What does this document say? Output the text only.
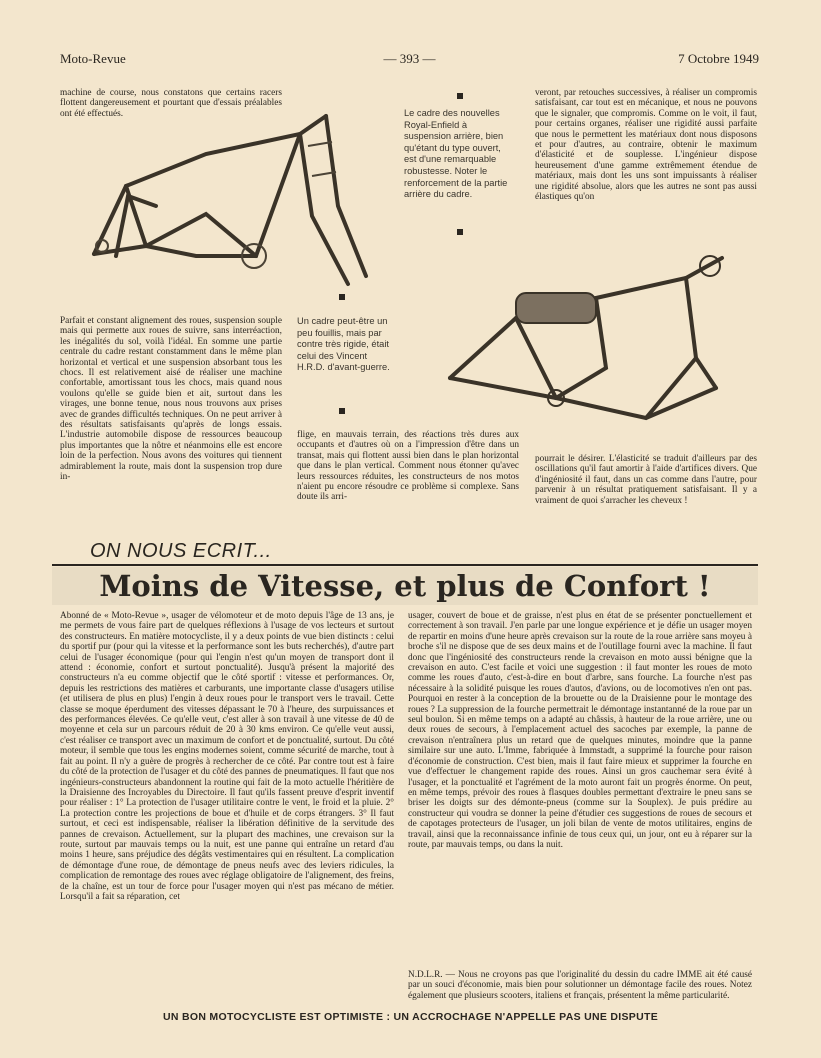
Moto-Revue	— 393 —	7 Octobre 1949
machine de course, nous constatons que certains racers flottent dangereusement et pourtant que d'essais préalables ont été effectués.	Le cadre des nouvelles Royal-Enfield à suspension arrière, bien qu'étant du type ouvert, est d'une remarquable robustesse. Noter le renforcement de la partie arrière du cadre.
veront, par retouches successives, à réaliser un compromis satisfaisant, car tout est en mécanique, et nous ne pouvons que le signaler, que compromis. Comme on le voit, il faut, pour certains organes, réaliser une rigidité aussi parfaite que nous le permettent les matériaux dont nous disposons et pour d'autres, au contraire, obtenir le maximum d'élasticité et de souplesse. L'ingénieur dispose heureusement d'une gamme extrêmement étendue de matériaux, mais dont les uns sont impuissants à réaliser une rigidité absolue, alors que les autres ne sont pas aussi élastiques qu'on
Parfait et constant alignement des roues, suspension souple mais qui permette aux roues de suivre, sans interréaction, les inégalités du sol, voilà l'idéal. En somme une partie centrale du cadre restant constamment dans le même plan horizontal et vertical et une suspension absorbant tous les chocs. Il est relativement aisé de réaliser une machine confortable, amortissant tous les chocs, mais quand nous voulons qu'elle se guide bien et ait, surtout dans les virages, une bonne tenue, nous nous trouvons aux prises avec de grandes difficultés techniques. On ne peut arriver à des résultats satisfaisants qu'après de longs essais. L'industrie automobile dispose de ressources beaucoup plus importantes que la nôtre et néanmoins elle est encore loin de la perfection. Nous avons des voitures qui tiennent admirablement la route, mais dont la suspension trop dure in-
Un cadre peut-être un peu fouillis, mais par contre très rigide, était celui des Vincent H.R.D. d'avant-guerre.
flige, en mauvais terrain, des réactions très dures aux occupants et d'autres où on a l'impression d'être dans un transat, mais qui flottent aussi bien dans le plan horizontal que dans le plan vertical. Comment nous étonner qu'avec leurs ressources réduites, les constructeurs de nos motos n'aient pu encore résoudre ce problème si complexe. Sans doute ils arri-
pourrait le désirer. L'élasticité se traduit d'ailleurs par des oscillations qu'il faut amortir à l'aide d'artifices divers. Que d'ingéniosité il faut, dans un cas comme dans l'autre, pour parvenir à un résultat pratiquement satisfaisant. Il y a vraiment de quoi s'arracher les cheveux !
ON NOUS ECRIT...
Moins de Vitesse, et plus de Confort !
Abonné de « Moto-Revue », usager de vélomoteur et de moto depuis l'âge de 13 ans, je me permets de vous faire part de quelques réflexions à l'usage de vos lecteurs et surtout des constructeurs. En matière motocycliste, il y a deux points de vue bien distincts : celui du sportif pur (pour qui la vitesse et la performance sont les buts recherchés), d'autre part celui de l'usager économique (pour qui l'engin n'est qu'un moyen de transport dont il attend : économie, confort et surtout ponctualité). Jusqu'à présent la majorité des constructeurs n'a eu comme objectif que le côté sportif : vitesse et performances. Or, depuis les restrictions des matières et carburants, une importante classe d'usagers utilise (et utilisera de plus en plus) l'engin à deux roues pour le transport vers le travail. Cette classe se moque éperdument des vitesses dépassant le 70 à l'heure, des surpuissances et des performances élevées. Ce qu'elle veut, c'est aller à son travail à une vitesse de 40 de moyenne et cela sur un parcours réduit de 20 à 30 kms environ. Ce qu'elle veut aussi, c'est réaliser ce transport avec un maximum de confort et de ponctualité, surtout. Du côté moteur, il semble que tous les engins modernes soient, comme sécurité de marche, tout à fait au point. Il n'y a guère de progrès à rechercher de ce côté. Par contre tout est à faire du côté de la protection de l'usager et du côté des pannes de pneumatiques. Il faut que nos ingénieurs-constructeurs abandonnent la routine qui fait de la moto actuelle l'héritière de la Draisienne des Incroyables du Directoire. Il faut qu'ils fassent preuve d'esprit inventif pour réaliser : 1° La protection de l'usager utilitaire contre le vent, le froid et la pluie. 2° La protection contre les projections de boue et d'huile et de corps étrangers. 3° Il faut surtout, et ceci est indispensable, réaliser la libération définitive de la servitude des pannes de crevaison. Actuellement, sur la plupart des machines, une crevaison sur la route, surtout par mauvais temps ou la nuit, est une panne qui entraîne un retard d'au moins 1 heure, sans préjudice des dégâts vestimentaires qui en résultent. La complication de démontage d'une roue, de démontage de pneus neufs avec des leviers ridicules, la complication de remontage des roues avec réglage obligatoire de l'alignement, des freins, de la chaîne, est un tour de force pour l'usager moyen qui n'est pas mécano de métier. Lorsqu'il a fait sa réparation, cet
usager, couvert de boue et de graisse, n'est plus en état de se présenter ponctuellement et correctement à son travail. J'en parle par une longue expérience et je défie un usager moyen de repartir en moins d'une heure après crevaison sur la route de la roue arrière sans moyeu à broche s'il ne dispose que de ses deux mains et de l'outillage fourni avec la machine. Il faut donc que l'ingéniosité des constructeurs rende la crevaison en moto aussi bénigne que la crevaison en auto. C'est facile et voici une suggestion : il faut monter les roues de moto comme les roues d'auto, c'est-à-dire en bout d'arbre, sans fourche. La fourche n'est pas nécessaire à la solidité puisque les roues d'autos, d'avions, ou de locomotives n'en ont pas. Pourquoi en rester à la conception de la brouette ou de la Draisienne pour le montage des roues ? La suppression de la fourche permettrait le démontage instantanné de la roue par un seul boulon. Si en même temps on a adapté au châssis, à hauteur de la roue arrière, une ou deux roues de secours, à l'emplacement actuel des sacoches par exemple, la panne de crevaison n'entraînera plus un retard que de quelques minutes, moindre que la panne similaire sur une auto. L'Imme, fabriquée à Immstadt, a supprimé la fourche pour raison d'économie de construction. C'est bien, mais il faut faire mieux et supprimer la fourche en vue d'effectuer le changement rapide des roues. Ainsi un gros cauchemar sera évité à l'usager, et la ponctualité et l'agrément de la moto auront fait un progrès énorme. On peut, en même temps, prévoir des roues à flasques doubles permettant d'extraire le pneu sans se briser les doigts sur des démonte-pneus (comme sur la Souplex). Je puis prédire au constructeur qui voudra se donner la peine d'étudier ces suggestions de roues de secours et de capotages protecteurs de l'usager, un joli bilan de vente de motos utilitaires, engins de travail, ainsi que la reconnaissance infinie de tous ceux qui, un jour, ont eu à réparer sur la route, par mauvais temps, ou dans la nuit.
N.D.L.R. — Nous ne croyons pas que l'originalité du dessin du cadre IMME ait été causé par un souci d'économie, mais bien pour solutionner un démontage facile des roues. Notez également que plusieurs scooters, italiens et français, présentent la même particularité.
UN BON MOTOCYCLISTE EST OPTIMISTE : UN ACCROCHAGE N'APPELLE PAS UNE DISPUTE
